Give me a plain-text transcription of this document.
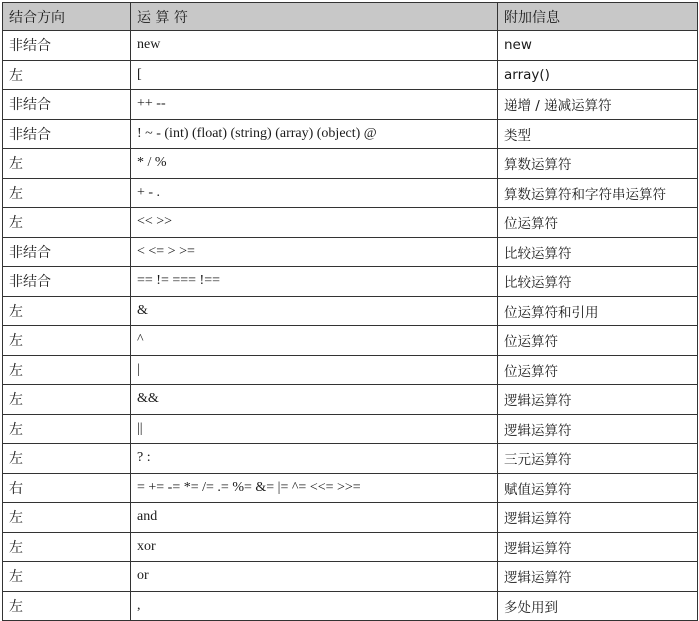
结合方向	运 算 符	附加信息
非结合	new	new
左	[	array()
非结合	++ --	递增 / 递减运算符
非结合	! ~ - (int) (float) (string) (array) (object) @	类型
左	* / %	算数运算符
左	+ - .	算数运算符和字符串运算符
左	<< >>	位运算符
非结合	< <= > >=	比较运算符
非结合	== != === !==	比较运算符
左	&	位运算符和引用
左	^	位运算符
左	|	位运算符
左	&&	逻辑运算符
左	||	逻辑运算符
左	? :	三元运算符
右	= += -= *= /= .= %= &= |= ^= <<= >>=	赋值运算符
左	and	逻辑运算符
左	xor	逻辑运算符
左	or	逻辑运算符
左	,	多处用到
